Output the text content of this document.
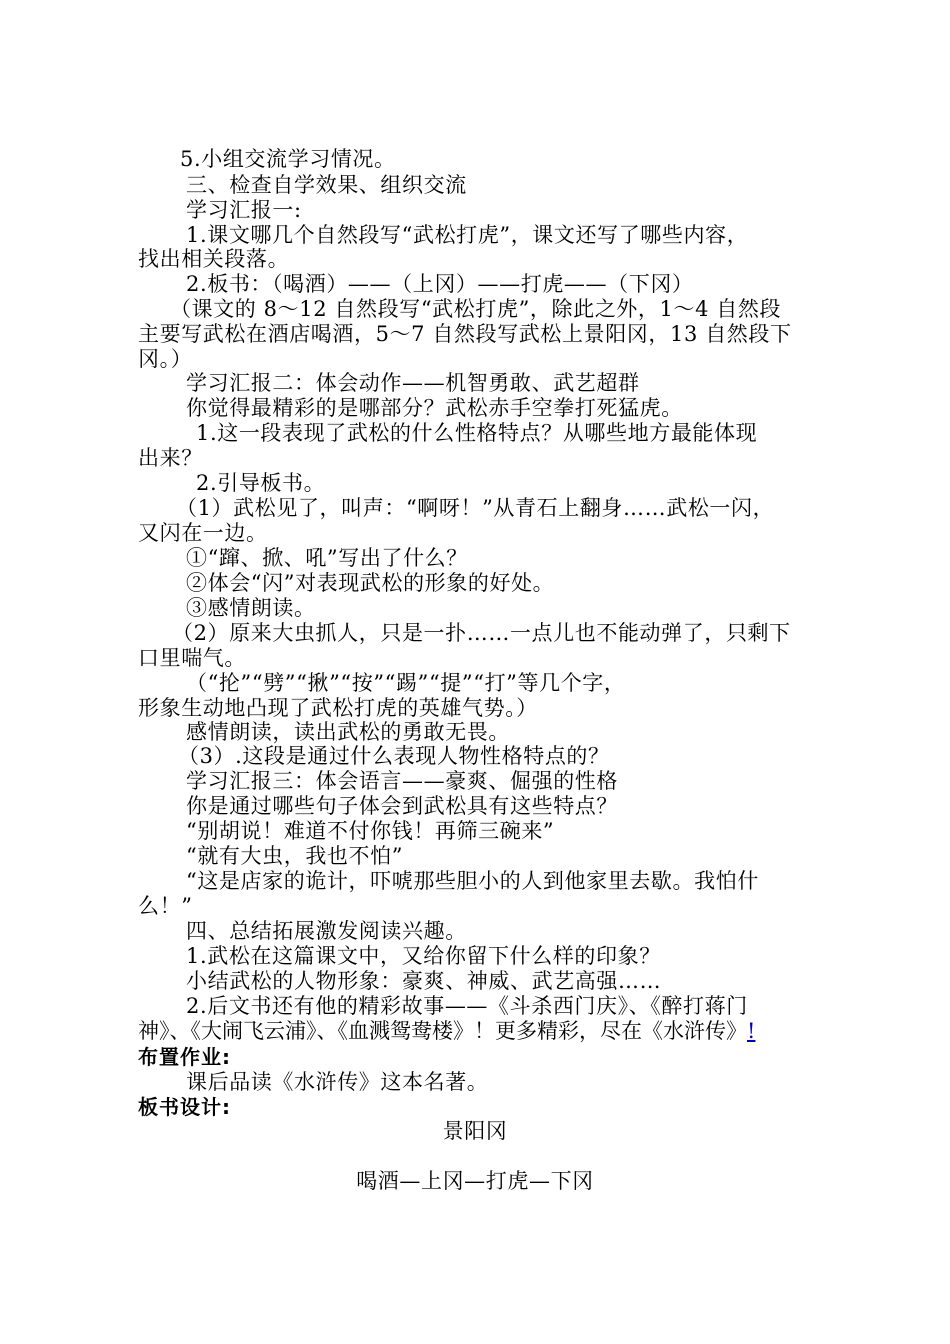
5.小组交流学习情况。
三、检查自学效果、组织交流
学习汇报一:
1.课文哪几个自然段写“武松打虎”，课文还写了哪些内容，
找出相关段落。
2.板书：（喝酒）——（上冈）——打虎——（下冈）
（课文的 8～12 自然段写“武松打虎”，除此之外，1～4 自然段
主要写武松在酒店喝酒，5～7 自然段写武松上景阳冈，13 自然段下
冈。）
学习汇报二：体会动作——机智勇敢、武艺超群
你觉得最精彩的是哪部分？武松赤手空拳打死猛虎。
1.这一段表现了武松的什么性格特点？从哪些地方最能体现
出来？
2.引导板书。
（1）武松见了，叫声：“啊呀！”从青石上翻身……武松一闪，
又闪在一边。
①“蹿、掀、吼”写出了什么？
②体会“闪”对表现武松的形象的好处。
③感情朗读。
（2）原来大虫抓人，只是一扑……一点儿也不能动弹了，只剩下
口里喘气。
（“抡”“劈”“揪”“按”“踢”“提”“打”等几个字，
形象生动地凸现了武松打虎的英雄气势。）
感情朗读，读出武松的勇敢无畏。
（3）.这段是通过什么表现人物性格特点的？
学习汇报三：体会语言——豪爽、倔强的性格
你是通过哪些句子体会到武松具有这些特点？
“别胡说！难道不付你钱！再筛三碗来”
“就有大虫，我也不怕”
“这是店家的诡计，吓唬那些胆小的人到他家里去歇。我怕什
么！”
四、总结拓展激发阅读兴趣。
1.武松在这篇课文中，又给你留下什么样的印象？
小结武松的人物形象：豪爽、神威、武艺高强……
2.后文书还有他的精彩故事——《斗杀西门庆》、《醉打蒋门
神》、《大闹飞云浦》、《血溅鸳鸯楼》！更多精彩，尽在《水浒传》!
布置作业:
课后品读《水浒传》这本名著。
板书设计:
景阳冈
喝酒—上冈—打虎—下冈
